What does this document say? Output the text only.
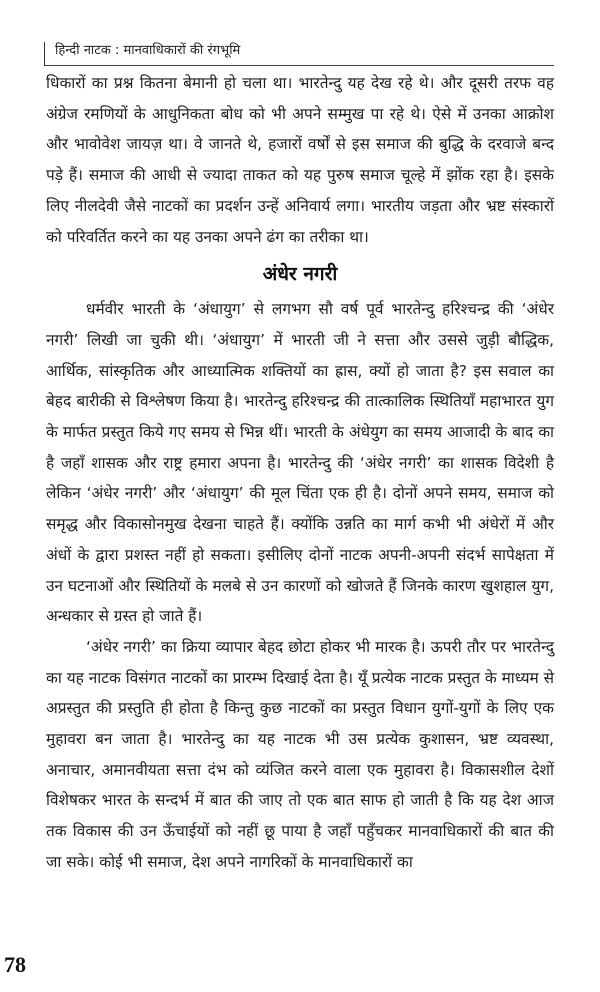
हिन्दी नाटक : मानवाधिकारों की रंगभूमि

धिकारों का प्रश्न कितना बेमानी हो चला था। भारतेन्दु यह देख रहे थे। और दूसरी तरफ वह अंग्रेज रमणियों के आधुनिकता बोध को भी अपने सम्मुख पा रहे थे। ऐसे में उनका आक्रोश और भावोवेश जायज़ था। वे जानते थे, हजारों वर्षों से इस समाज की बुद्धि के दरवाजे बन्द पड़े हैं। समाज की आधी से ज्यादा ताकत को यह पुरुष समाज चूल्हे में झोंक रहा है। इसके लिए नीलदेवी जैसे नाटकों का प्रदर्शन उन्हें अनिवार्य लगा। भारतीय जड़ता और भ्रष्ट संस्कारों को परिवर्तित करने का यह उनका अपने ढंग का तरीका था।

अंधेर नगरी

धर्मवीर भारती के ‘अंधायुग’ से लगभग सौ वर्ष पूर्व भारतेन्दु हरिश्चन्द्र की ‘अंधेर नगरी’ लिखी जा चुकी थी। ‘अंधायुग’ में भारती जी ने सत्ता और उससे जुड़ी बौद्धिक, आर्थिक, सांस्कृतिक और आध्यात्मिक शक्तियों का ह्रास, क्यों हो जाता है? इस सवाल का बेहद बारीकी से विश्लेषण किया है। भारतेन्दु हरिश्चन्द्र की तात्कालिक स्थितियाँ महाभारत युग के मार्फत प्रस्तुत किये गए समय से भिन्न थीं। भारती के अंधेयुग का समय आजादी के बाद का है जहाँ शासक और राष्ट्र हमारा अपना है। भारतेन्दु की ‘अंधेर नगरी’ का शासक विदेशी है लेकिन ‘अंधेर नगरी’ और ‘अंधायुग’ की मूल चिंता एक ही है। दोनों अपने समय, समाज को समृद्ध और विकासोनमुख देखना चाहते हैं। क्योंकि उन्नति का मार्ग कभी भी अंधेरों में और अंधों के द्वारा प्रशस्त नहीं हो सकता। इसीलिए दोनों नाटक अपनी-अपनी संदर्भ सापेक्षता में उन घटनाओं और स्थितियों के मलबे से उन कारणों को खोजते हैं जिनके कारण खुशहाल युग, अन्धकार से ग्रस्त हो जाते हैं।

‘अंधेर नगरी’ का क्रिया व्यापार बेहद छोटा होकर भी मारक है। ऊपरी तौर पर भारतेन्दु का यह नाटक विसंगत नाटकों का प्रारम्भ दिखाई देता है। यूँ प्रत्येक नाटक प्रस्तुत के माध्यम से अप्रस्तुत की प्रस्तुति ही होता है किन्तु कुछ नाटकों का प्रस्तुत विधान युगों-युगों के लिए एक मुहावरा बन जाता है। भारतेन्दु का यह नाटक भी उस प्रत्येक कुशासन, भ्रष्ट व्यवस्था, अनाचार, अमानवीयता सत्ता दंभ को व्यंजित करने वाला एक मुहावरा है। विकासशील देशों विशेषकर भारत के सन्दर्भ में बात की जाए तो एक बात साफ हो जाती है कि यह देश आज तक विकास की उन ऊँचाईयों को नहीं छू पाया है जहाँ पहुँचकर मानवाधिकारों की बात की जा सके। कोई भी समाज, देश अपने नागरिकों के मानवाधिकारों का

78
